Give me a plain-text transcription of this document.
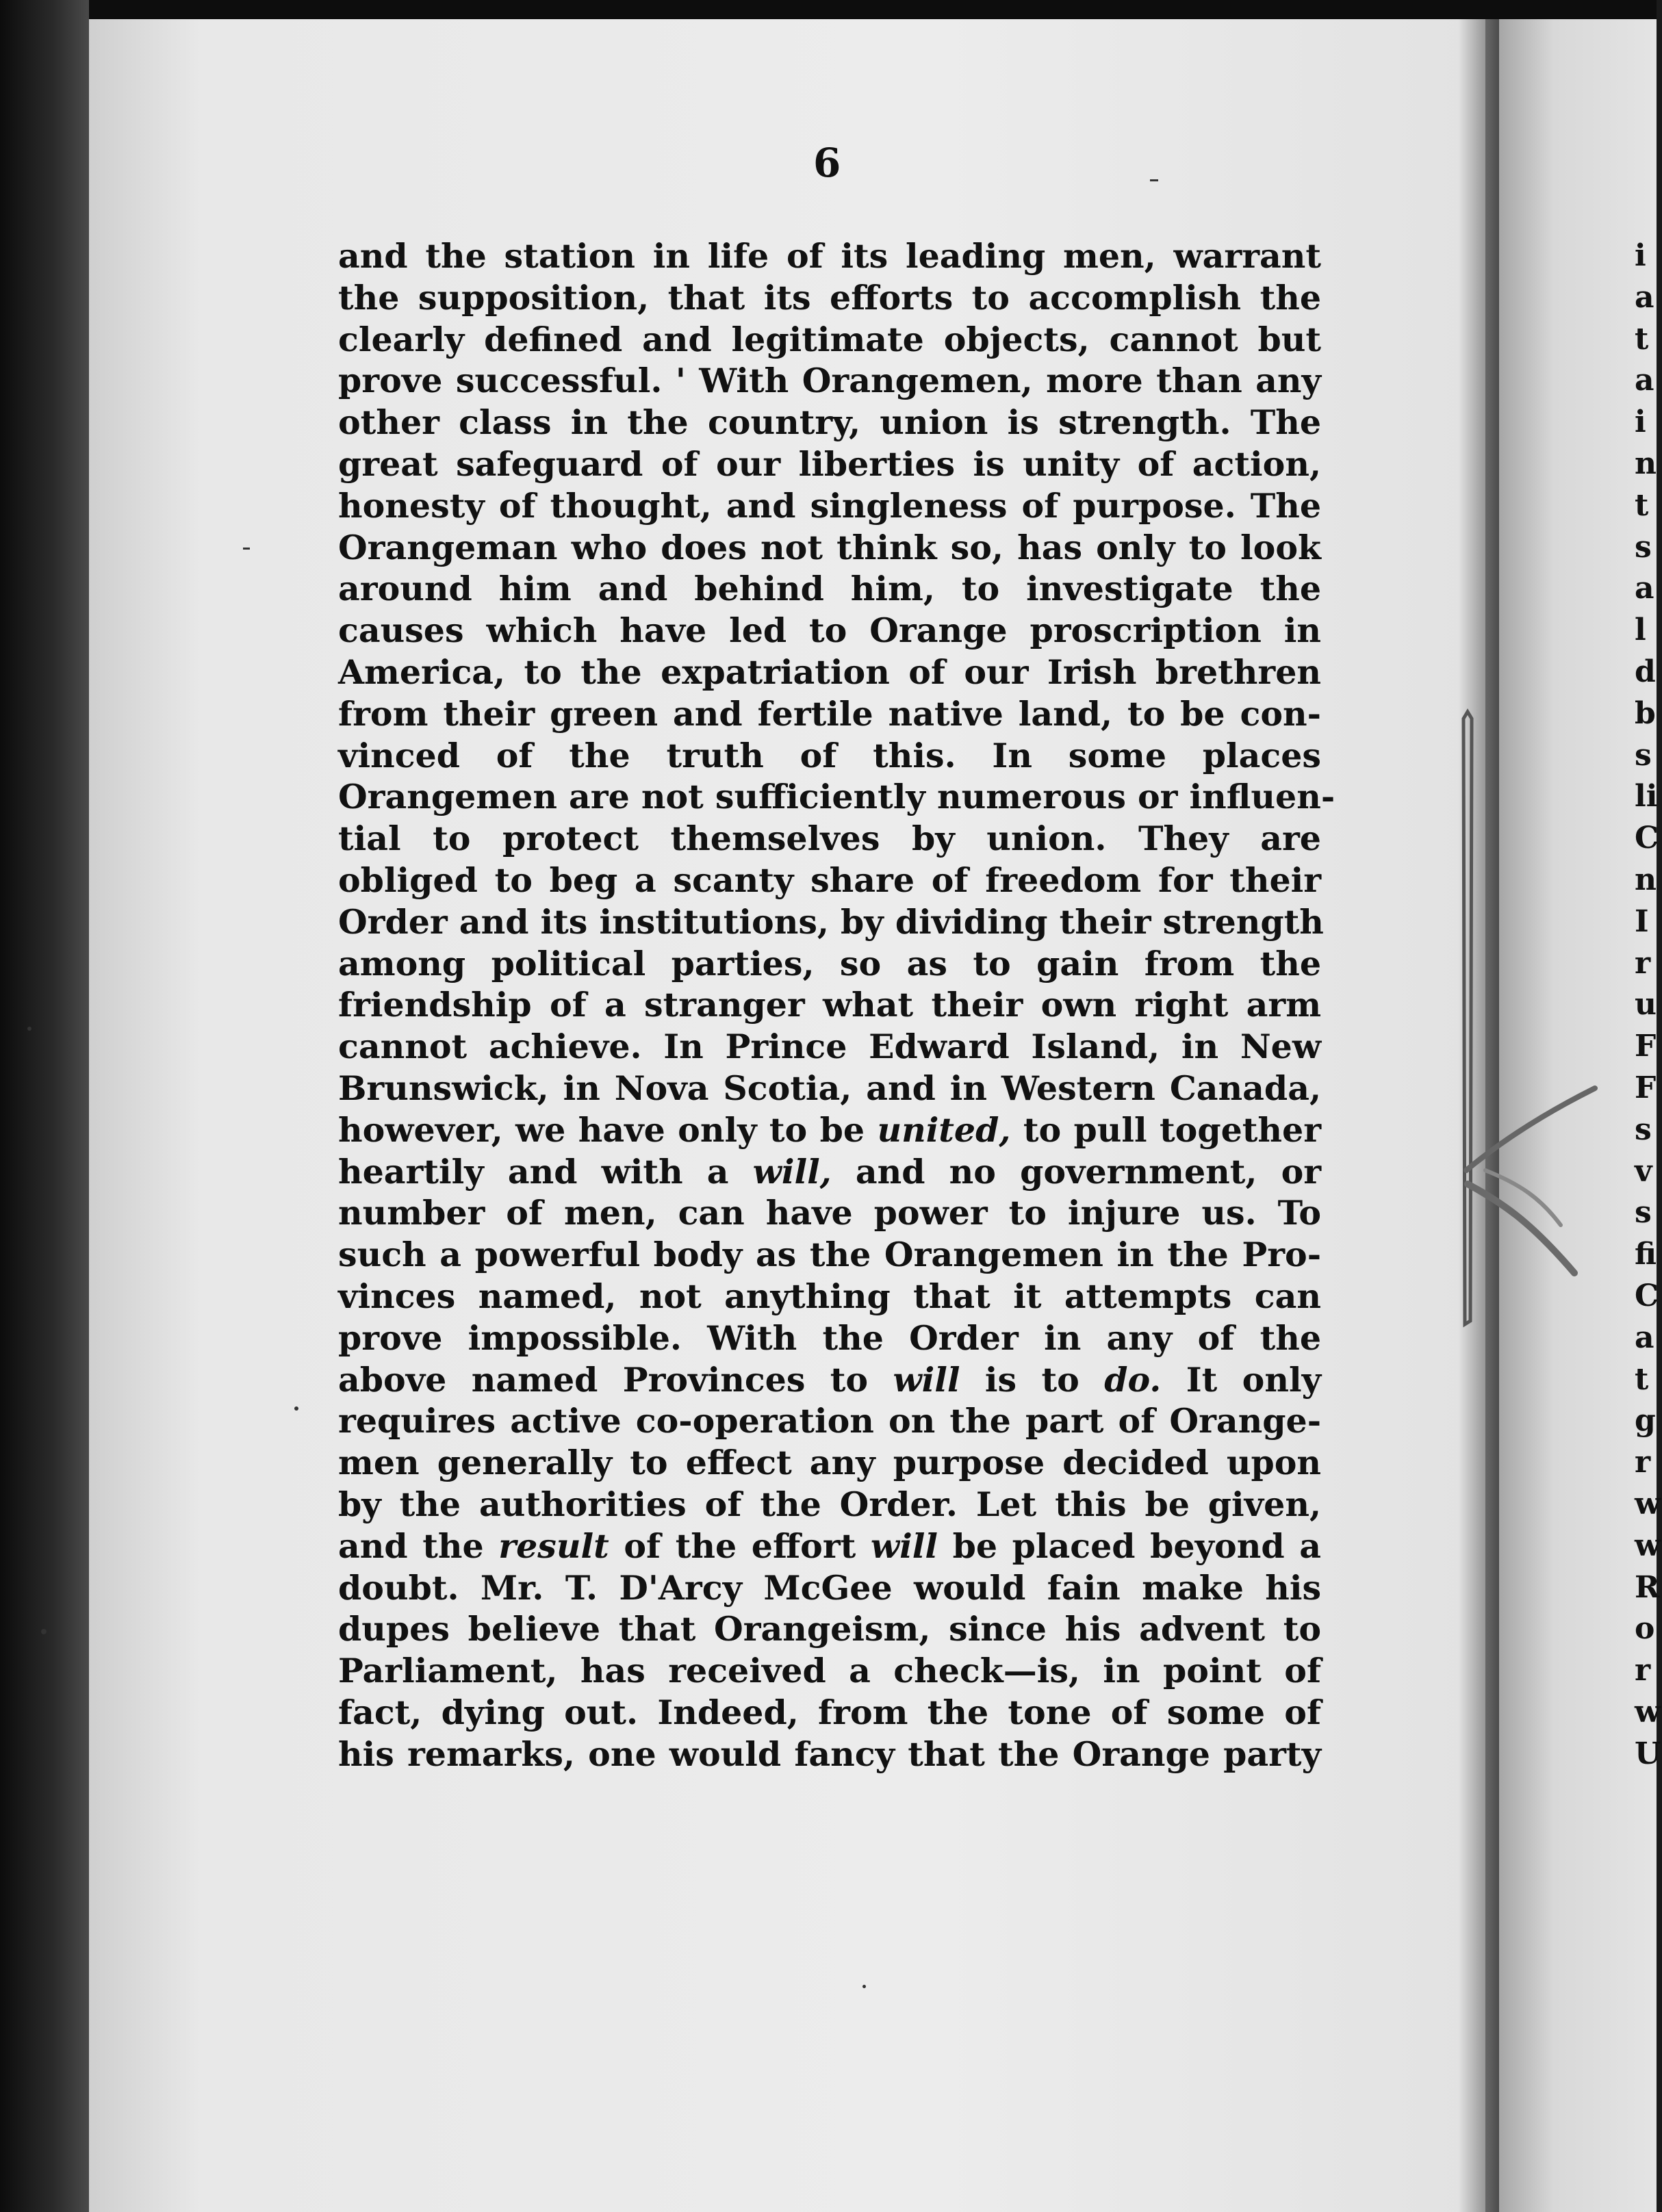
i
a
t
a
i
n
t
s
a
l
d
b
s
li
C
n
I
r
u
F
F
s
v
s
fi
C
a
t
g
r
w
w
R
o
r
w
U
6
and the station in life of its leading men, warrant
the supposition, that its efforts to accomplish the
clearly defined and legitimate objects, cannot but
prove successful. ' With Orangemen, more than any
other class in the country, union is strength. The
great safeguard of our liberties is unity of action,
honesty of thought, and singleness of purpose. The
Orangeman who does not think so, has only to look
around him and behind him, to investigate the
causes which have led to Orange proscription in
America, to the expatriation of our Irish brethren
from their green and fertile native land, to be con-
vinced of the truth of this. In some places
Orangemen are not sufficiently numerous or influen-
tial to protect themselves by union. They are
obliged to beg a scanty share of freedom for their
Order and its institutions, by dividing their strength
among political parties, so as to gain from the
friendship of a stranger what their own right arm
cannot achieve. In Prince Edward Island, in New
Brunswick, in Nova Scotia, and in Western Canada,
however, we have only to be united, to pull together
heartily and with a will, and no government, or
number of men, can have power to injure us. To
such a powerful body as the Orangemen in the Pro-
vinces named, not anything that it attempts can
prove impossible. With the Order in any of the
above named Provinces to will is to do. It only
requires active co-operation on the part of Orange-
men generally to effect any purpose decided upon
by the authorities of the Order. Let this be given,
and the result of the effort will be placed beyond a
doubt. Mr. T. D'Arcy McGee would fain make his
dupes believe that Orangeism, since his advent to
Parliament, has received a check—is, in point of
fact, dying out. Indeed, from the tone of some of
his remarks, one would fancy that the Orange party
